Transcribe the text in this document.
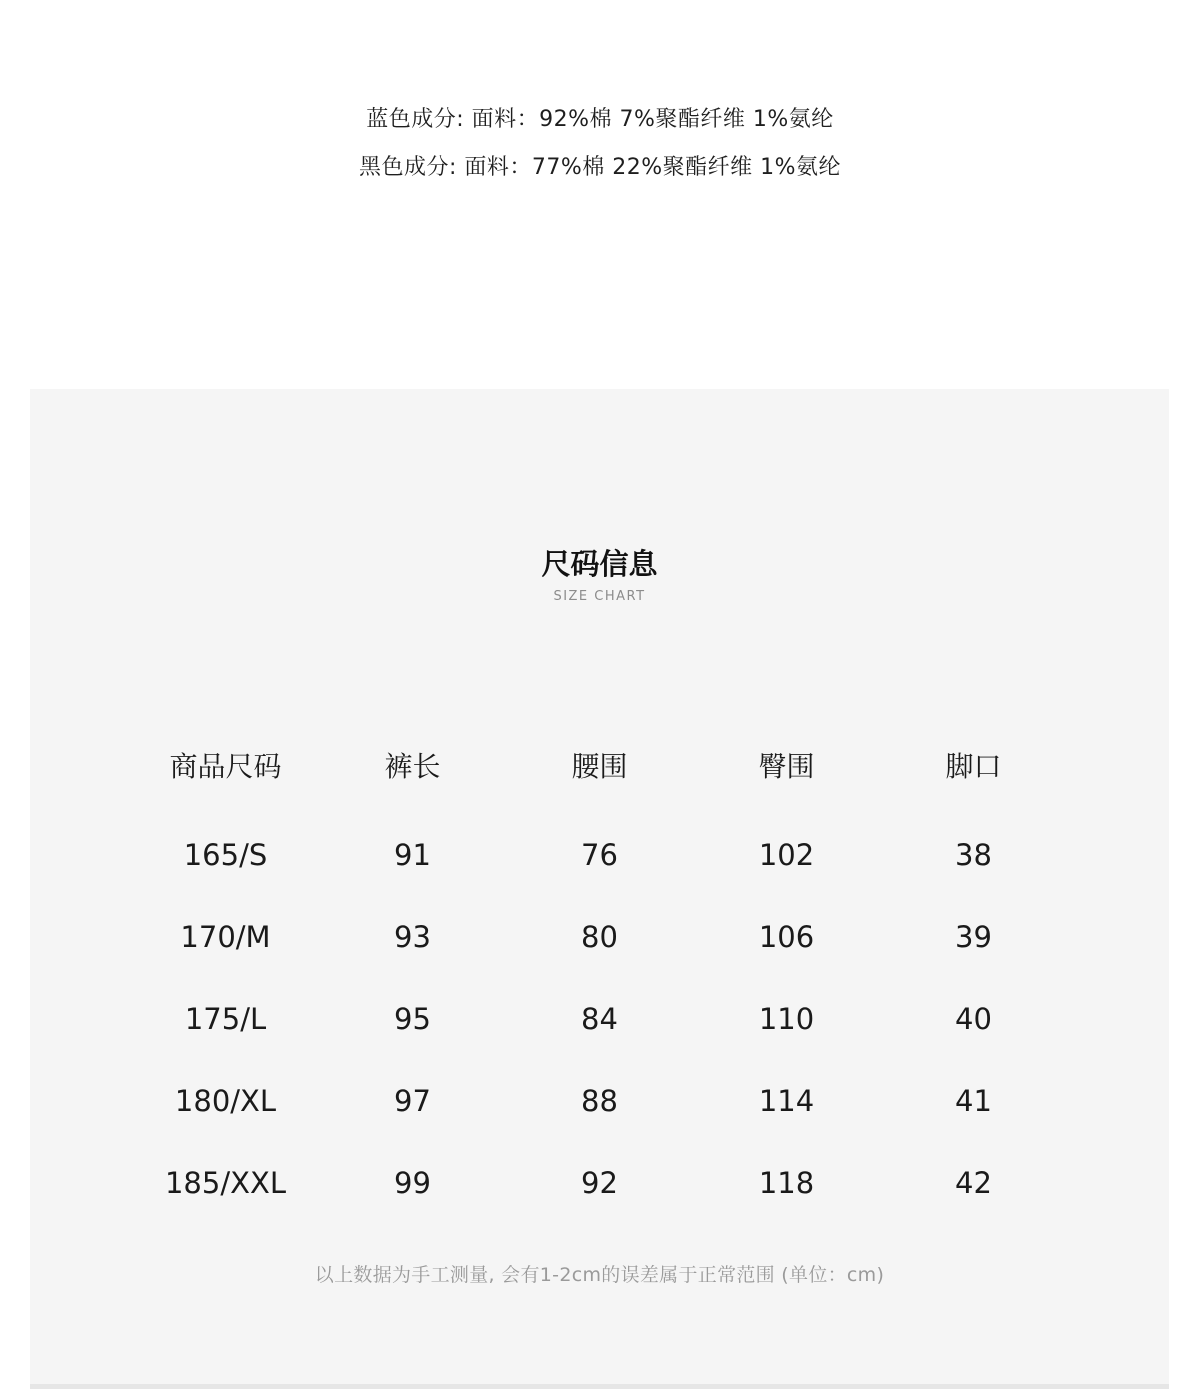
蓝色成分: 面料：92%棉 7%聚酯纤维 1%氨纶
黑色成分: 面料：77%棉 22%聚酯纤维 1%氨纶
尺码信息
SIZE CHART
商品尺码	裤长	腰围	臀围	脚口
165/S	91	76	102	38
170/M	93	80	106	39
175/L	95	84	110	40
180/XL	97	88	114	41
185/XXL	99	92	118	42
以上数据为手工测量, 会有1-2cm的误差属于正常范围 (单位：cm)
